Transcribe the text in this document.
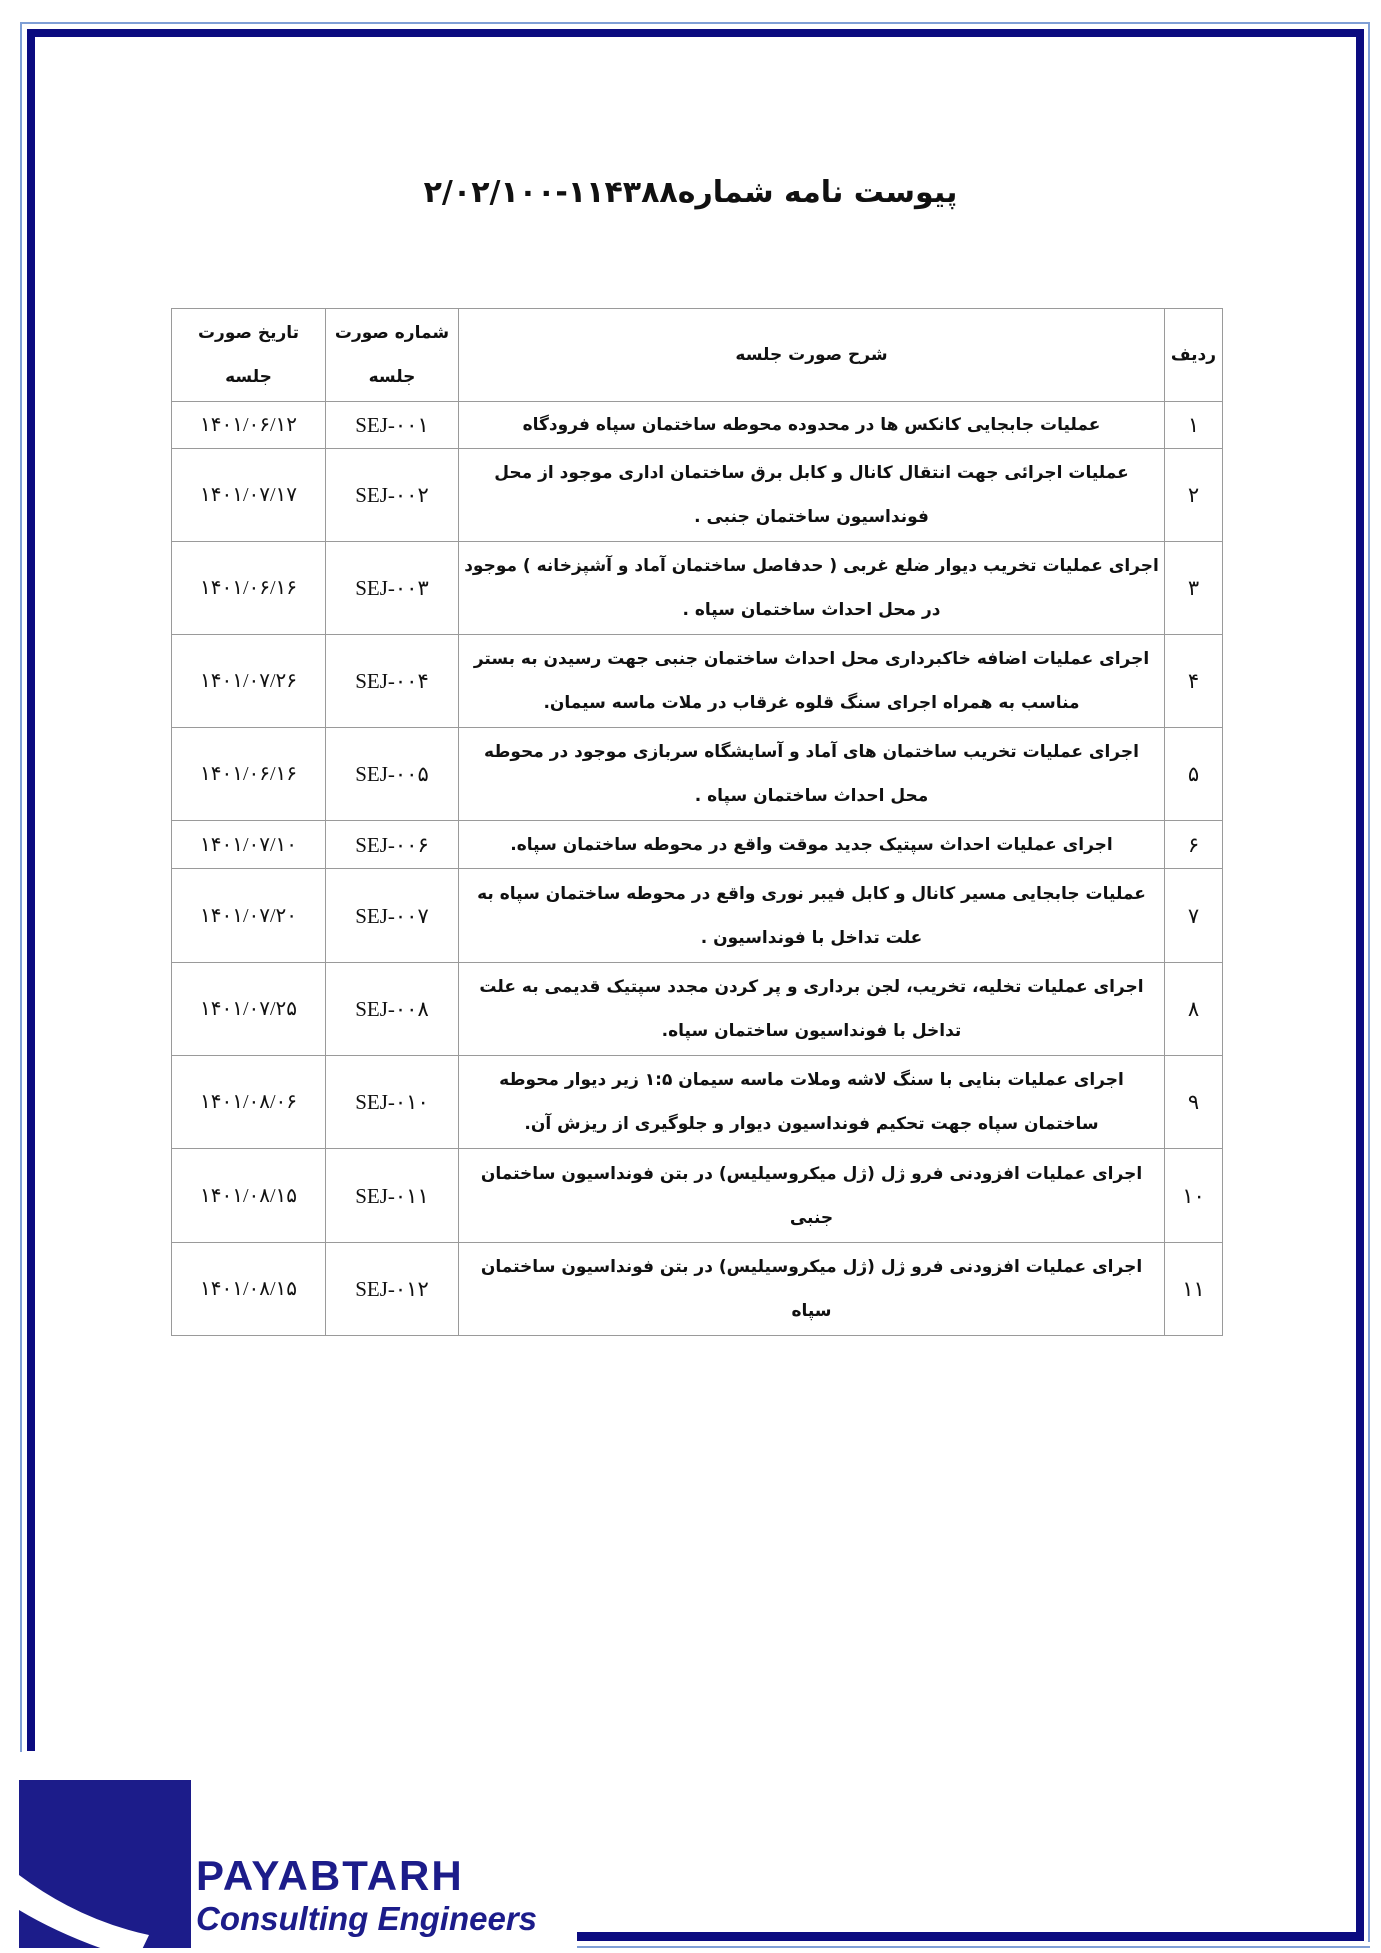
پیوست نامه شماره۱۱۴۳۸۸-۲/۰۲/۱۰۰
ردیف	شرح صورت جلسه	شماره صورت جلسه	تاریخ صورت جلسه
۱	عملیات جابجایی کانکس ها در محدوده محوطه ساختمان سپاه فرودگاه	SEJ-۰۰۱	۱۴۰۱/۰۶/۱۲
۲	عملیات اجرائی جهت انتقال کانال و کابل برق ساختمان اداری موجود از محل فونداسیون ساختمان جنبی .	SEJ-۰۰۲	۱۴۰۱/۰۷/۱۷
۳	اجرای عملیات تخریب دیوار ضلع غربی ( حدفاصل ساختمان آماد و آشپزخانه ) موجود در محل احداث ساختمان سپاه .	SEJ-۰۰۳	۱۴۰۱/۰۶/۱۶
۴	اجرای عملیات اضافه خاکبرداری محل احداث ساختمان جنبی جهت رسیدن به بستر مناسب به همراه اجرای سنگ قلوه غرقاب در ملات ماسه سیمان.	SEJ-۰۰۴	۱۴۰۱/۰۷/۲۶
۵	اجرای عملیات تخریب ساختمان های آماد و آسایشگاه سربازی موجود در محوطه محل احداث ساختمان سپاه .	SEJ-۰۰۵	۱۴۰۱/۰۶/۱۶
۶	اجرای عملیات احداث سپتیک جدید موقت واقع در محوطه ساختمان سپاه.	SEJ-۰۰۶	۱۴۰۱/۰۷/۱۰
۷	عملیات جابجایی مسیر کانال و کابل فیبر نوری واقع در محوطه ساختمان سپاه به علت تداخل با فونداسیون .	SEJ-۰۰۷	۱۴۰۱/۰۷/۲۰
۸	اجرای عملیات تخلیه، تخریب، لجن برداری و پر کردن مجدد سپتیک قدیمی به علت تداخل با فونداسیون ساختمان سپاه.	SEJ-۰۰۸	۱۴۰۱/۰۷/۲۵
۹	اجرای عملیات بنایی با سنگ لاشه وملات ماسه سیمان ۱:۵ زیر دیوار محوطه ساختمان سپاه جهت تحکیم فونداسیون دیوار و جلوگیری از ریزش آن.	SEJ-۰۱۰	۱۴۰۱/۰۸/۰۶
۱۰	اجرای عملیات افزودنی فرو ژل (ژل میکروسیلیس) در بتن فونداسیون ساختمان جنبی	SEJ-۰۱۱	۱۴۰۱/۰۸/۱۵
۱۱	اجرای عملیات افزودنی فرو ژل (ژل میکروسیلیس) در بتن فونداسیون ساختمان سپاه	SEJ-۰۱۲	۱۴۰۱/۰۸/۱۵
PAYABTARH
Consulting Engineers
